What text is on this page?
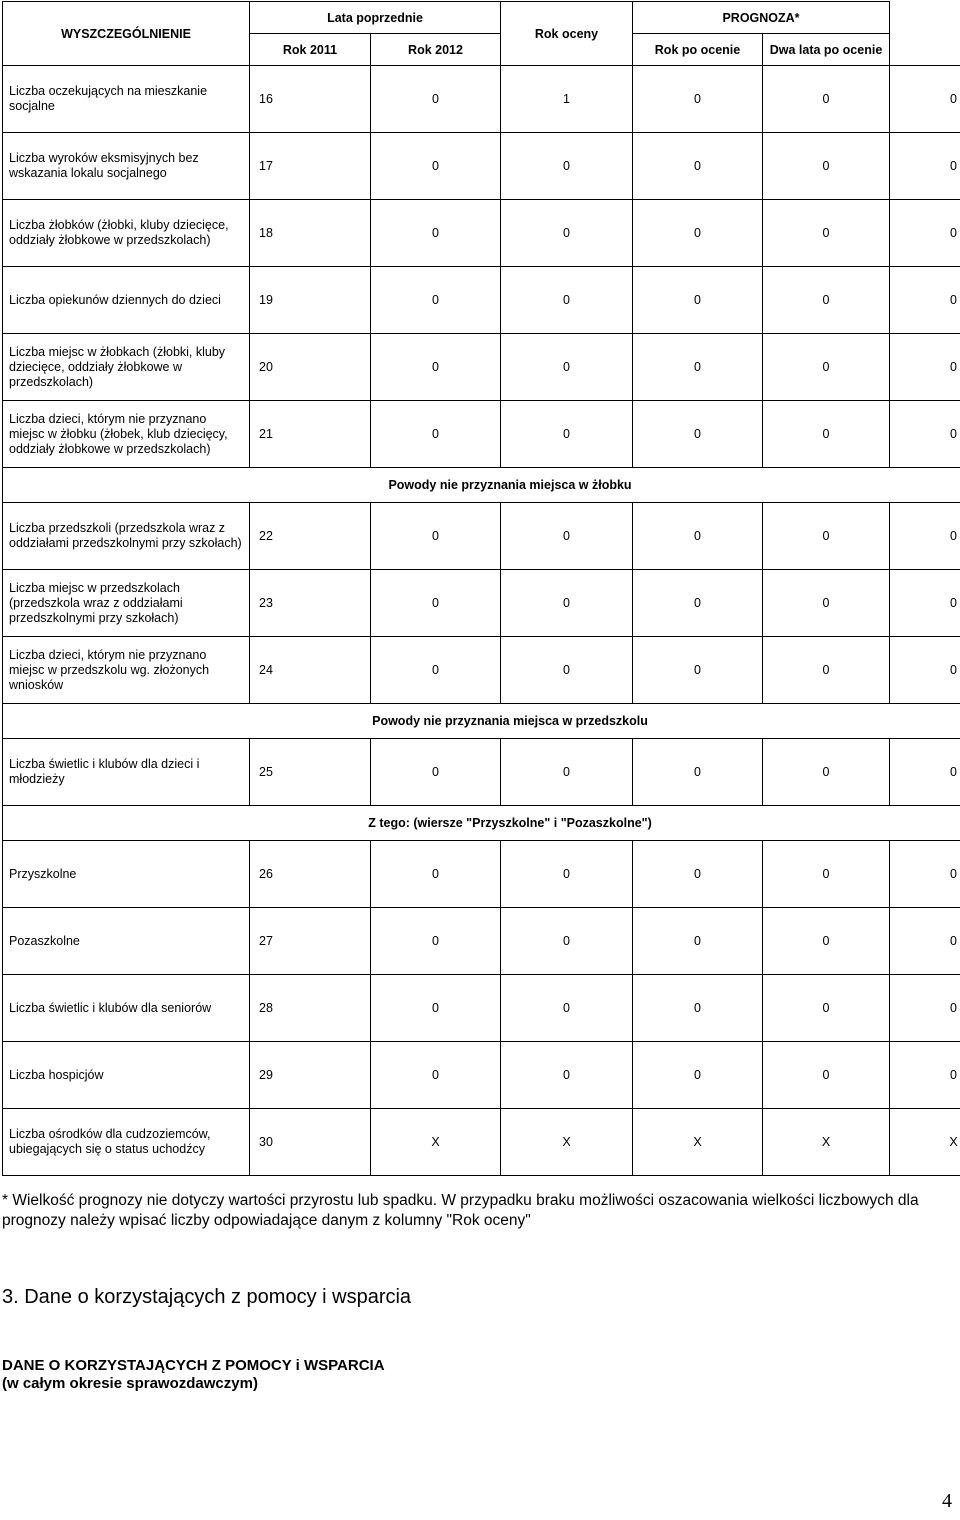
WYSZCZEGÓLNIENIE	Lata poprzednie		Rok oceny	PROGNOZA*		
	Rok 2011	Rok 2012		Rok po ocenie	Dwa lata po ocenie	
Liczba oczekujących na mieszkanie socjalne	16	0	1	0	0	0
Liczba wyroków eksmisyjnych bez wskazania lokalu socjalnego	17	0	0	0	0	0
Liczba żłobków (żłobki, kluby dziecięce, oddziały żłobkowe w przedszkolach)	18	0	0	0	0	0
Liczba opiekunów dziennych do dzieci	19	0	0	0	0	0
Liczba miejsc w żłobkach (żłobki, kluby dziecięce, oddziały żłobkowe w przedszkolach)	20	0	0	0	0	0
Liczba dzieci, którym nie przyznano miejsc w żłobku (żłobek, klub dziecięcy, oddziały żłobkowe w przedszkolach)	21	0	0	0	0	0
Powody nie przyznania miejsca w żłobku						
Liczba przedszkoli (przedszkola wraz z oddziałami przedszkolnymi przy szkołach)	22	0	0	0	0	0
Liczba miejsc w przedszkolach (przedszkola wraz z oddziałami przedszkolnymi przy szkołach)	23	0	0	0	0	0
Liczba dzieci, którym nie przyznano miejsc w przedszkolu wg. złożonych wniosków	24	0	0	0	0	0
Powody nie przyznania miejsca w przedszkolu						
Liczba świetlic i klubów dla dzieci i młodzieży	25	0	0	0	0	0
Z tego: (wiersze "Przyszkolne" i "Pozaszkolne")						
Przyszkolne	26	0	0	0	0	0
Pozaszkolne	27	0	0	0	0	0
Liczba świetlic i klubów dla seniorów	28	0	0	0	0	0
Liczba hospicjów	29	0	0	0	0	0
Liczba ośrodków dla cudzoziemców, ubiegających się o status uchodźcy	30	X	X	X	X	X
* Wielkość prognozy nie dotyczy wartości przyrostu lub spadku. W przypadku braku możliwości oszacowania wielkości liczbowych dla prognozy należy wpisać liczby odpowiadające danym z kolumny "Rok oceny"
3. Dane o korzystających z pomocy i wsparcia
DANE O KORZYSTAJĄCYCH Z POMOCY i WSPARCIA
(w całym okresie sprawozdawczym)
4
